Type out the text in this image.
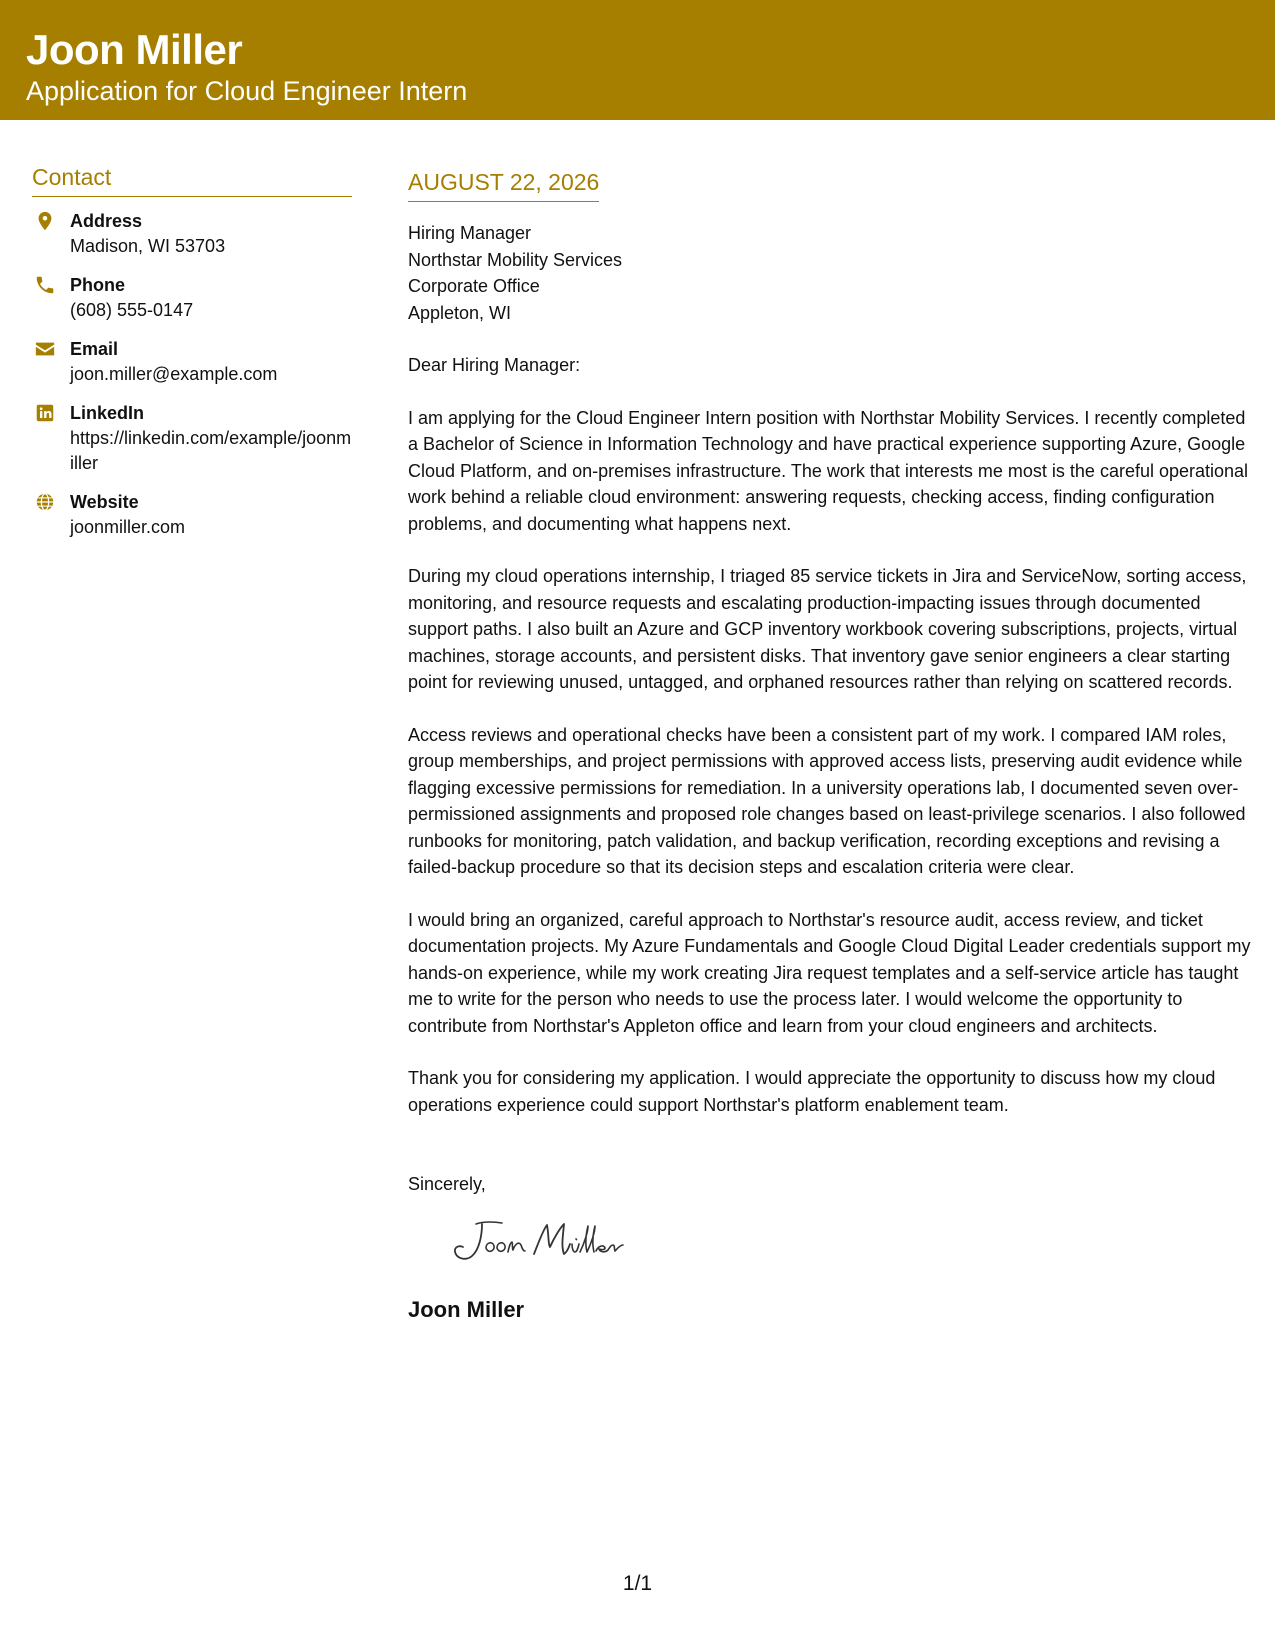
Joon Miller
Application for Cloud Engineer Intern
Contact
Address
Madison, WI 53703
Phone
(608) 555-0147
Email
joon.miller@example.com
LinkedIn
https://linkedin.com/example/joonmiller
Website
joonmiller.com
AUGUST 22, 2026
Hiring Manager
Northstar Mobility Services
Corporate Office
Appleton, WI
Dear Hiring Manager:
I am applying for the Cloud Engineer Intern position with Northstar Mobility Services. I recently completed a Bachelor of Science in Information Technology and have practical experience supporting Azure, Google Cloud Platform, and on-premises infrastructure. The work that interests me most is the careful operational work behind a reliable cloud environment: answering requests, checking access, finding configuration problems, and documenting what happens next.
During my cloud operations internship, I triaged 85 service tickets in Jira and ServiceNow, sorting access, monitoring, and resource requests and escalating production-impacting issues through documented support paths. I also built an Azure and GCP inventory workbook covering subscriptions, projects, virtual machines, storage accounts, and persistent disks. That inventory gave senior engineers a clear starting point for reviewing unused, untagged, and orphaned resources rather than relying on scattered records.
Access reviews and operational checks have been a consistent part of my work. I compared IAM roles, group memberships, and project permissions with approved access lists, preserving audit evidence while flagging excessive permissions for remediation. In a university operations lab, I documented seven over-permissioned assignments and proposed role changes based on least-privilege scenarios. I also followed runbooks for monitoring, patch validation, and backup verification, recording exceptions and revising a failed-backup procedure so that its decision steps and escalation criteria were clear.
I would bring an organized, careful approach to Northstar's resource audit, access review, and ticket documentation projects. My Azure Fundamentals and Google Cloud Digital Leader credentials support my hands-on experience, while my work creating Jira request templates and a self-service article has taught me to write for the person who needs to use the process later. I would welcome the opportunity to contribute from Northstar's Appleton office and learn from your cloud engineers and architects.
Thank you for considering my application. I would appreciate the opportunity to discuss how my cloud operations experience could support Northstar's platform enablement team.
Sincerely,
Joon Miller
1/1
